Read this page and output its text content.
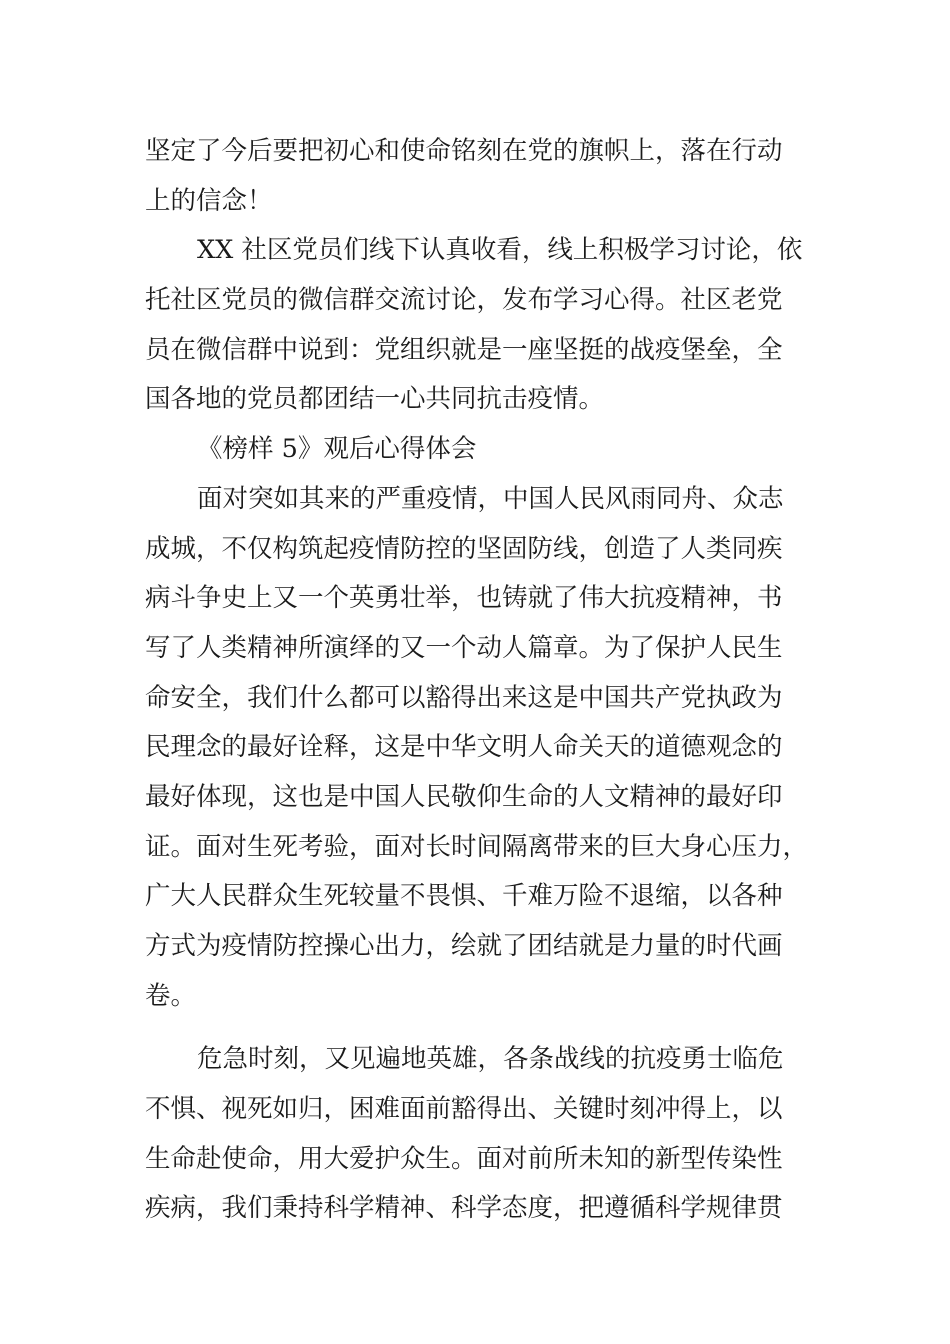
坚定了今后要把初心和使命铭刻在党的旗帜上，落在行动
上的信念！
XX 社区党员们线下认真收看，线上积极学习讨论，依
托社区党员的微信群交流讨论，发布学习心得。社区老党
员在微信群中说到：党组织就是一座坚挺的战疫堡垒，全
国各地的党员都团结一心共同抗击疫情。
《榜样 5》观后心得体会
面对突如其来的严重疫情，中国人民风雨同舟、众志
成城，不仅构筑起疫情防控的坚固防线，创造了人类同疾
病斗争史上又一个英勇壮举，也铸就了伟大抗疫精神，书
写了人类精神所演绎的又一个动人篇章。为了保护人民生
命安全，我们什么都可以豁得出来这是中国共产党执政为
民理念的最好诠释，这是中华文明人命关天的道德观念的
最好体现，这也是中国人民敬仰生命的人文精神的最好印
证。面对生死考验，面对长时间隔离带来的巨大身心压力，
广大人民群众生死较量不畏惧、千难万险不退缩，以各种
方式为疫情防控操心出力，绘就了团结就是力量的时代画
卷。
危急时刻，又见遍地英雄，各条战线的抗疫勇士临危
不惧、视死如归，困难面前豁得出、关键时刻冲得上，以
生命赴使命，用大爱护众生。面对前所未知的新型传染性
疾病，我们秉持科学精神、科学态度，把遵循科学规律贯
